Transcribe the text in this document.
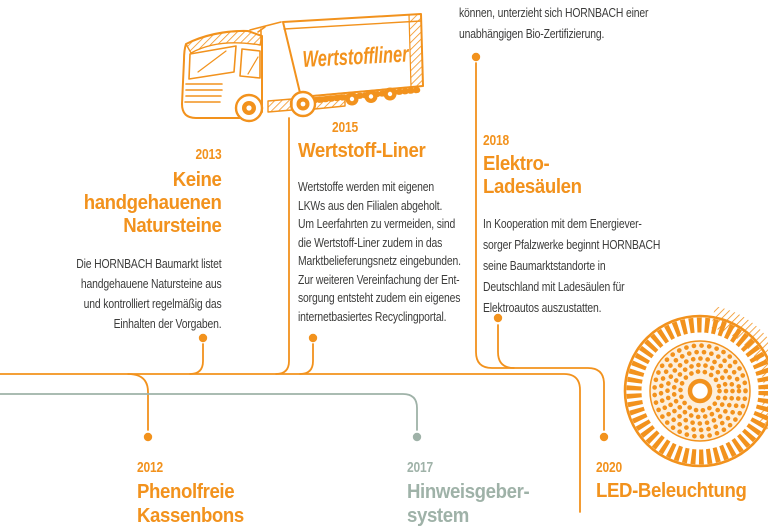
Wertstoffliner
können, unterzieht sich HORNBACH einer
unabhängigen Bio-Zertifizierung.
2013
Keine
handgehauenen
Natursteine
Die HORNBACH Baumarkt listet
handgehauene Natursteine aus
und kontrolliert regelmäßig das
Einhalten der Vorgaben.
2015
Wertstoff-Liner
Wertstoffe werden mit eigenen
LKWs aus den Filialen abgeholt.
Um Leerfahrten zu vermeiden, sind
die Wertstoff-Liner zudem in das
Marktbelieferungsnetz eingebunden.
Zur weiteren Vereinfachung der Ent-
sorgung entsteht zudem ein eigenes
internetbasiertes Recyclingportal.
2018
Elektro-
Ladesäulen
In Kooperation mit dem Energiever-
sorger Pfalzwerke beginnt HORNBACH
seine Baumarktstandorte in
Deutschland mit Ladesäulen für
Elektroautos auszustatten.
2012
Phenolfreie
Kassenbons
2017
Hinweisgeber-
system
2020
LED-Beleuchtung
